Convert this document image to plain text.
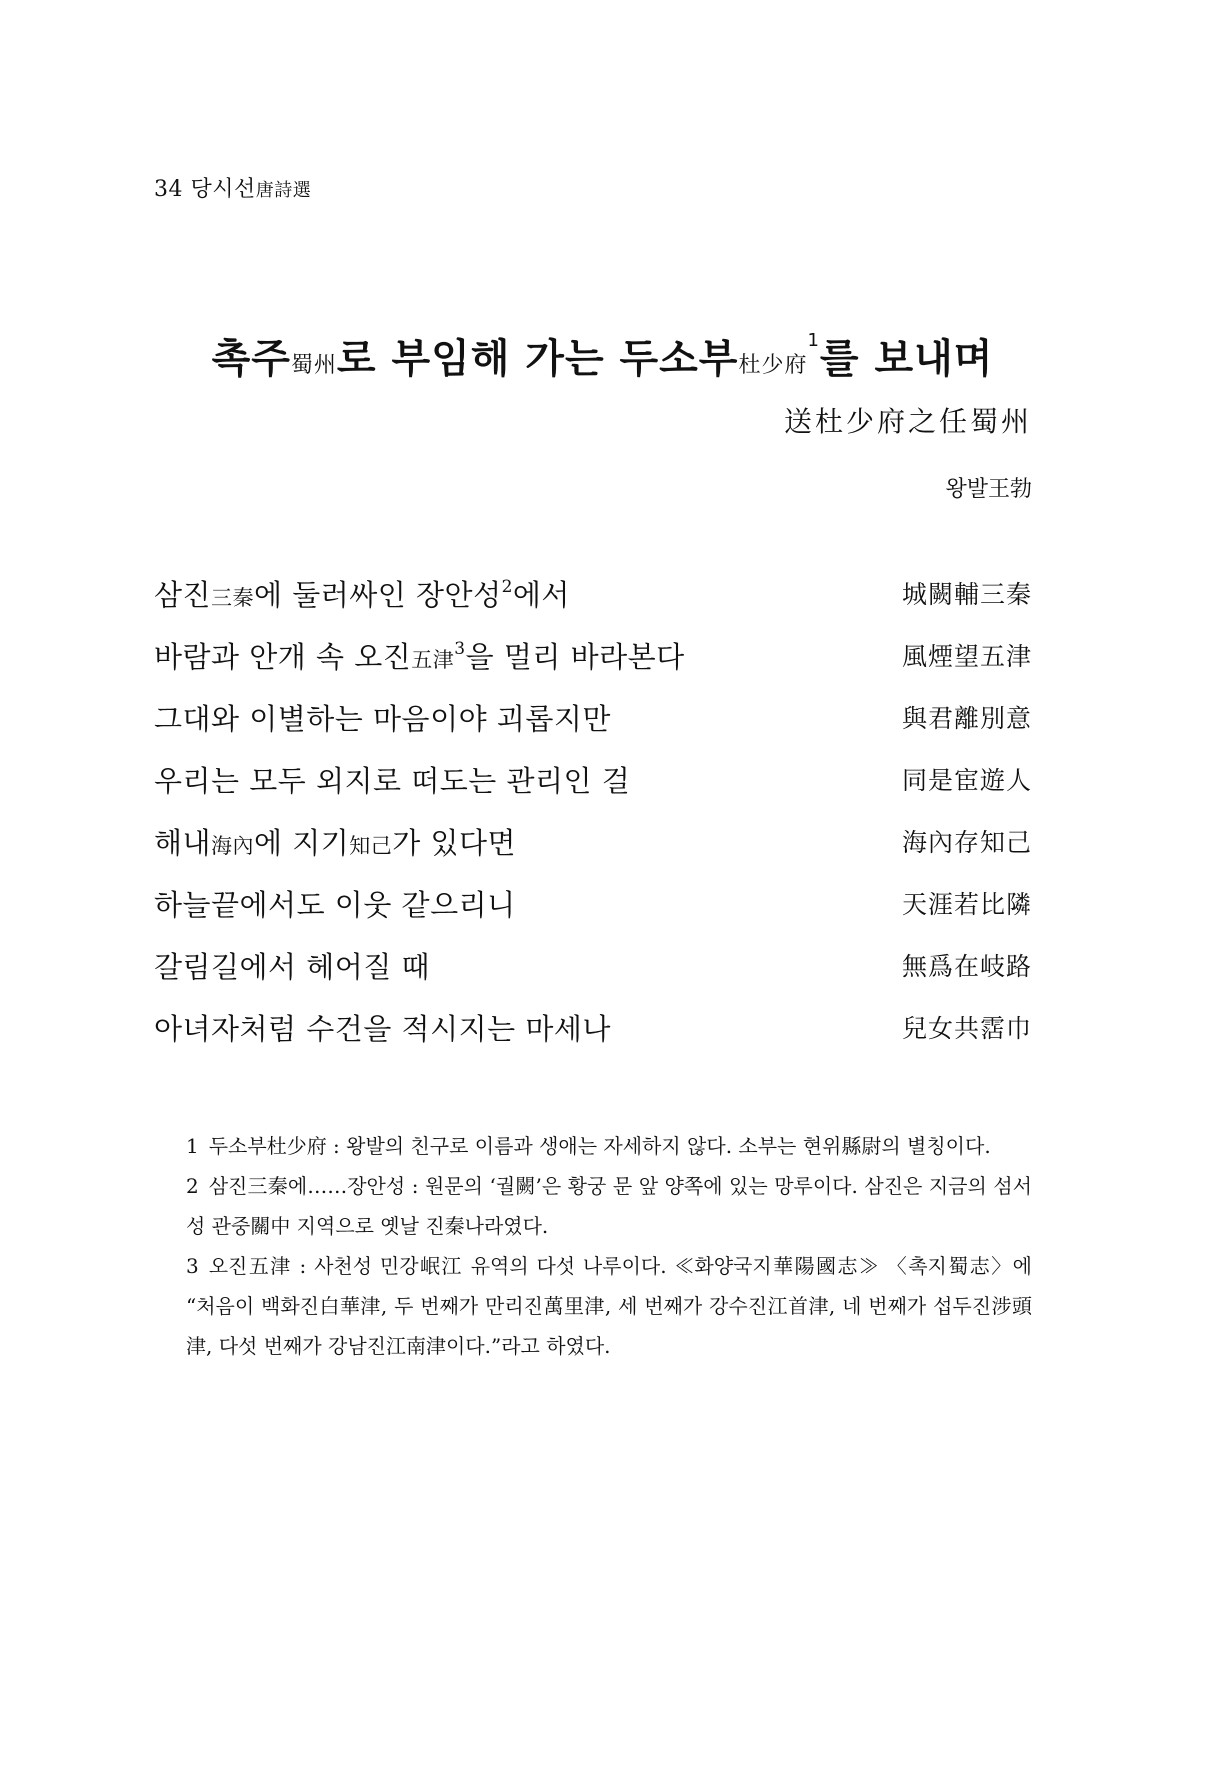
34 당시선唐詩選
촉주蜀州로 부임해 가는 두소부杜少府$^1$를 보내며
送杜少府之任蜀州
왕발王勃
삼진三秦에 둘러싸인 장안성$^2$에서	城闕輔三秦
바람과 안개 속 오진五津$^3$을 멀리 바라본다	風煙望五津
그대와 이별하는 마음이야 괴롭지만	與君離別意
우리는 모두 외지로 떠도는 관리인 걸	同是宦遊人
해내海內에 지기知己가 있다면	海內存知己
하늘끝에서도 이웃 같으리니	天涯若比隣
갈림길에서 헤어질 때	無爲在岐路
아녀자처럼 수건을 적시지는 마세나	兒女共霑巾
1 두소부杜少府 : 왕발의 친구로 이름과 생애는 자세하지 않다. 소부는 현위縣尉의 별칭이다.
2 삼진三秦에……장안성 : 원문의 ‘궐闕’은 황궁 문 앞 양쪽에 있는 망루이다. 삼진은 지금의 섬서성 관중關中 지역으로 옛날 진秦나라였다.
3 오진五津 : 사천성 민강岷江 유역의 다섯 나루이다. ≪화양국지華陽國志≫ 〈촉지蜀志〉에 “처음이 백화진白華津, 두 번째가 만리진萬里津, 세 번째가 강수진江首津, 네 번째가 섭두진涉頭津, 다섯 번째가 강남진江南津이다.”라고 하였다.
